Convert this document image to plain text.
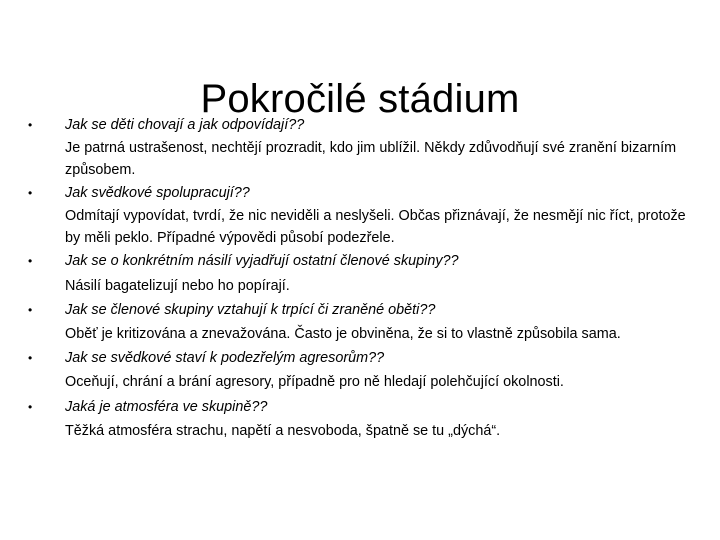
Pokročilé stádium
•	Jak se děti chovají a jak odpovídají??
Je patrná ustrašenost, nechtějí prozradit, kdo jim ublížil. Někdy zdůvodňují své zranění bizarním způsobem.
•	Jak svědkové spolupracují??
Odmítají vypovídat, tvrdí, že nic neviděli a neslyšeli. Občas přiznávají, že nesmějí nic říct, protože by měli peklo. Případné výpovědi působí podezřele.
•	Jak se o konkrétním násilí vyjadřují ostatní členové skupiny??
Násilí bagatelizují nebo ho popírají.
•	Jak se členové skupiny vztahují k trpící či zraněné oběti??
Oběť je kritizována a znevažována. Často je obviněna, že si to vlastně způsobila sama.
•	Jak se svědkové staví k podezřelým agresorům??
Oceňují, chrání a brání agresory, případně pro ně hledají polehčující okolnosti.
•	Jaká je atmosféra ve skupině??
Těžká atmosféra strachu, napětí a nesvoboda, špatně se tu „dýchá“.
